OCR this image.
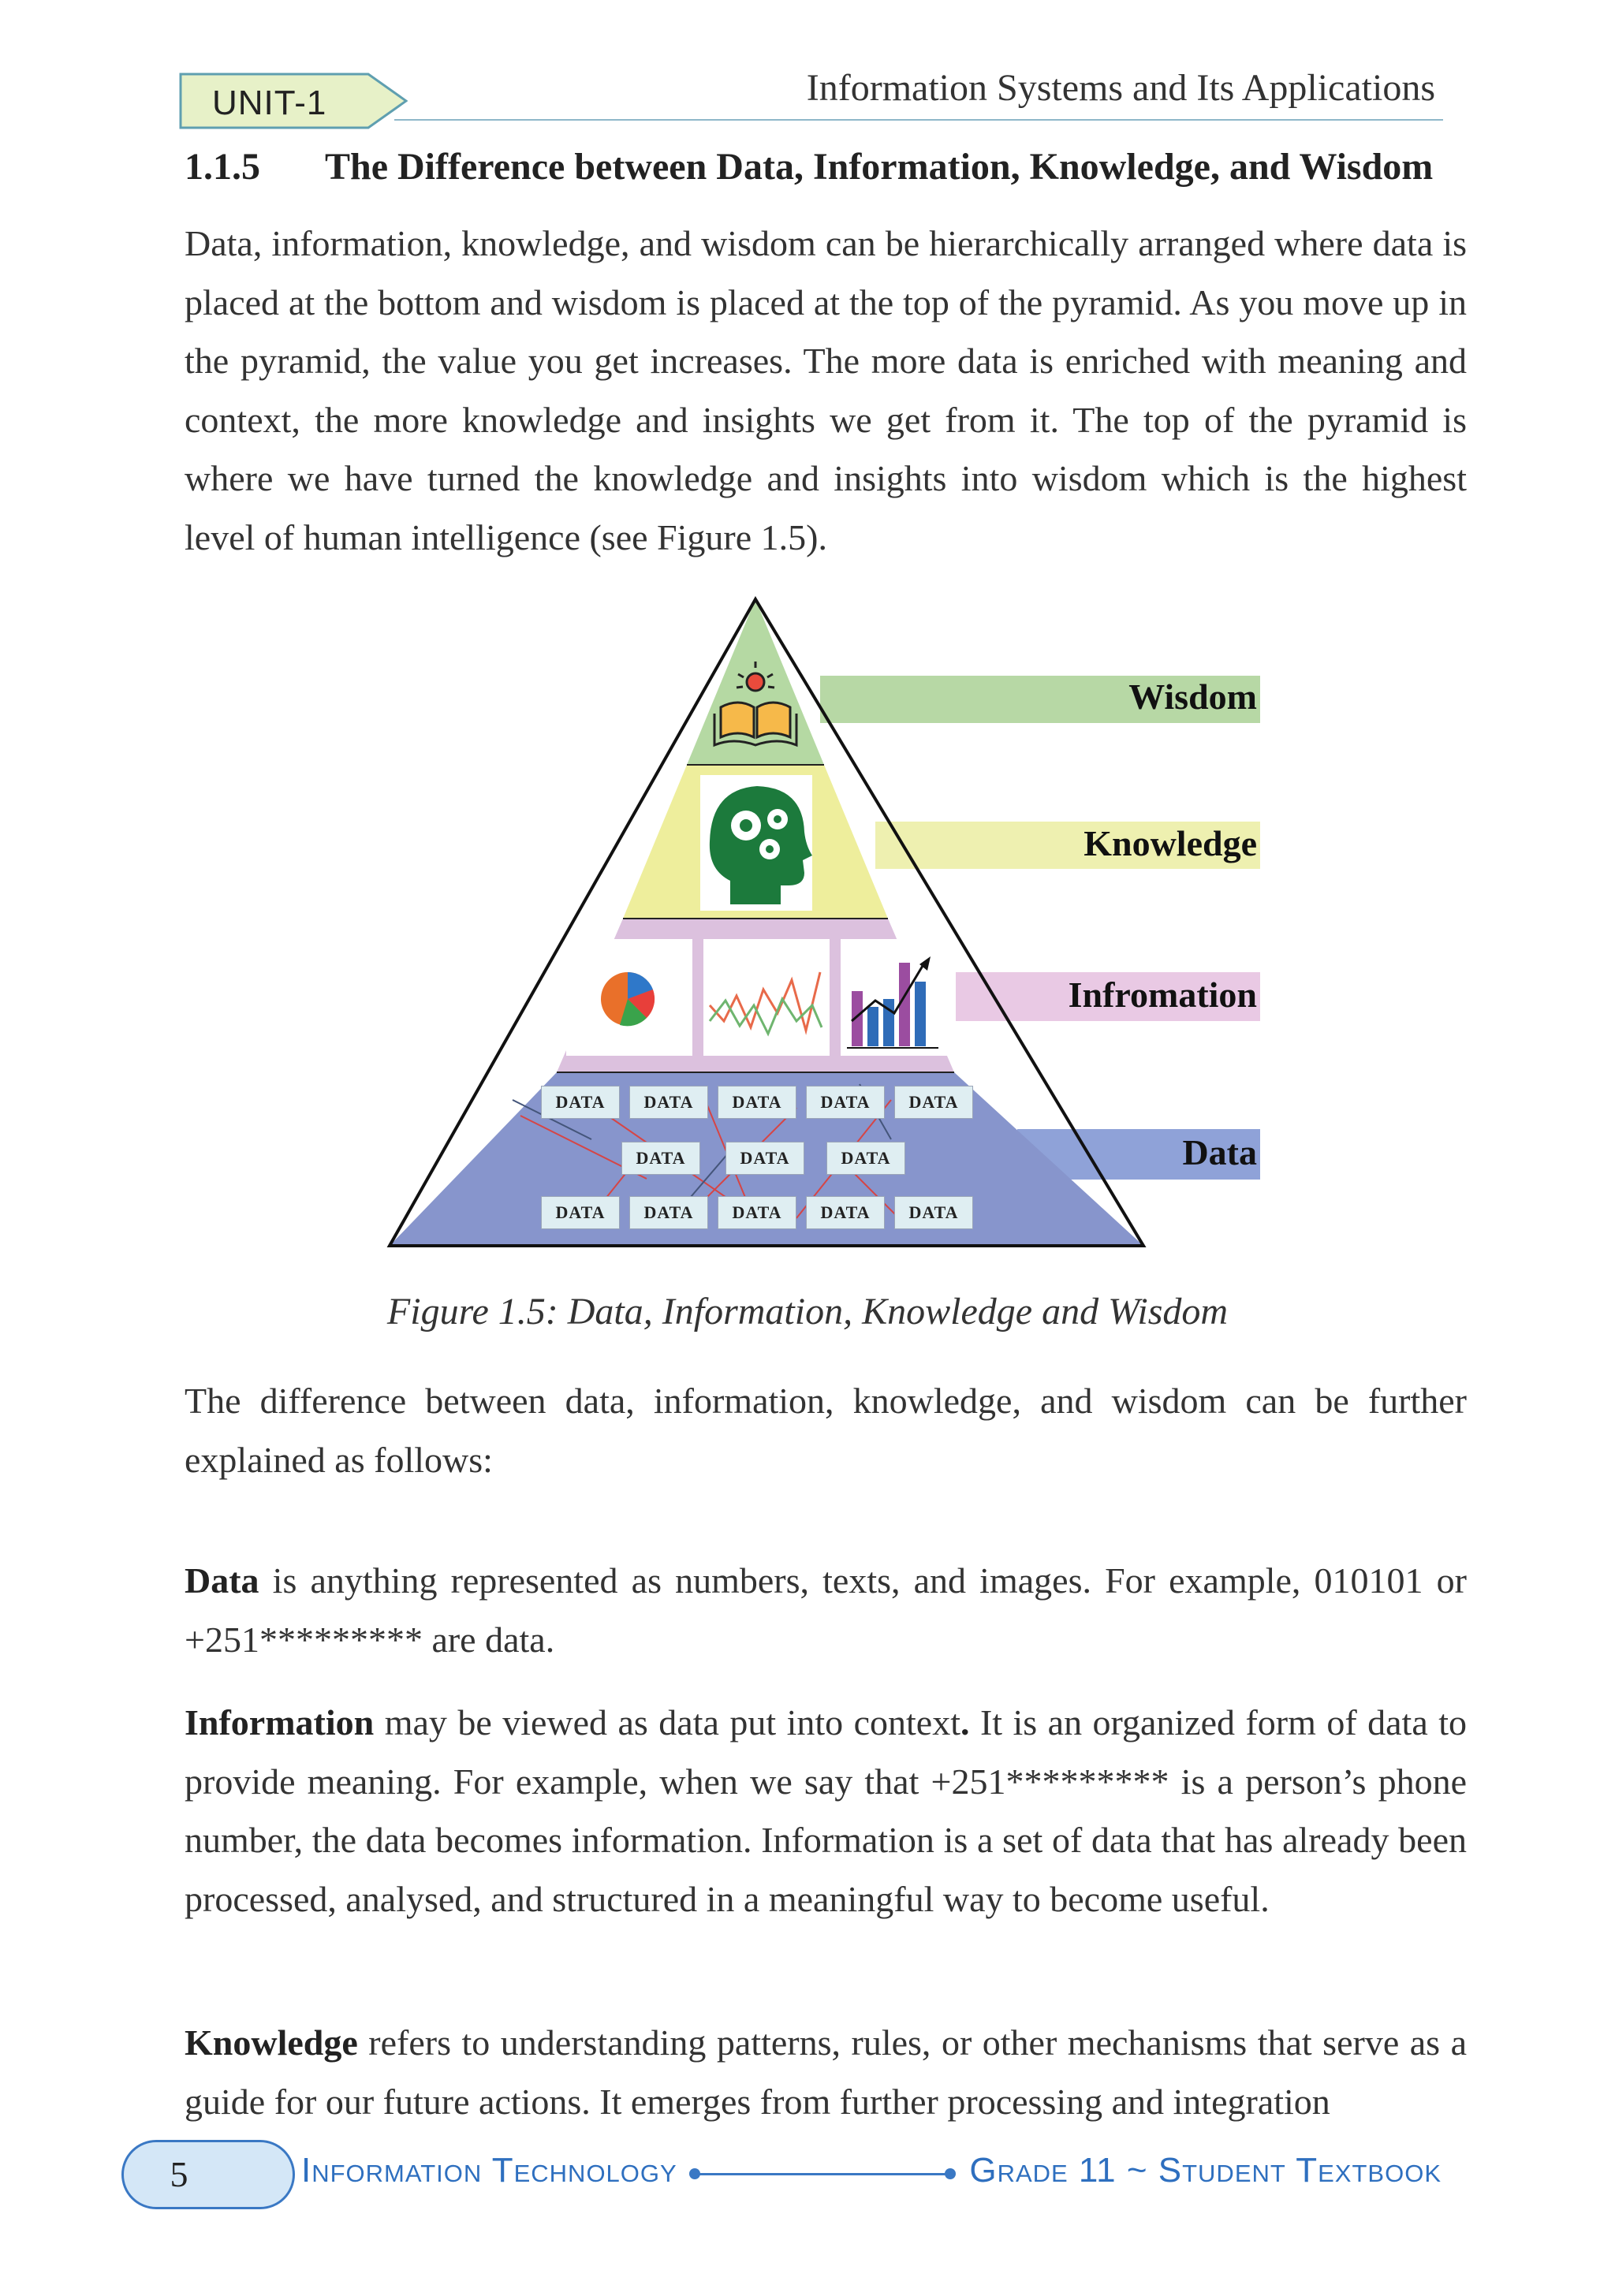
UNIT-1	Information Systems and Its Applications
1.1.5 The Difference between Data, Information, Knowledge, and Wisdom
Data, information, knowledge, and wisdom can be hierarchically arranged where data is placed at the bottom and wisdom is placed at the top of the pyramid. As you move up in the pyramid, the value you get increases. The more data is enriched with meaning and context, the more knowledge and insights we get from it. The top of the pyramid is where we have turned the knowledge and insights into wisdom which is the highest level of human intelligence (see Figure 1.5).
DATA	DATA	DATA	DATA	DATA
DATA	DATA	DATA
DATA	DATA	DATA	DATA	DATA
Wisdom
Knowledge
Infromation
Data
Figure 1.5: Data, Information, Knowledge and Wisdom
The difference between data, information, knowledge, and wisdom can be further explained as follows:
Data is anything represented as numbers, texts, and images. For example, 010101 or +251********* are data.
Information may be viewed as data put into context. It is an organized form of data to provide meaning. For example, when we say that +251********* is a person’s phone number, the data becomes information. Information is a set of data that has already been processed, analysed, and structured in a meaningful way to become useful.
Knowledge refers to understanding patterns, rules, or other mechanisms that serve as a guide for our future actions. It emerges from further processing and integration
5	Information Technology	Grade 11 ~ Student Textbook
